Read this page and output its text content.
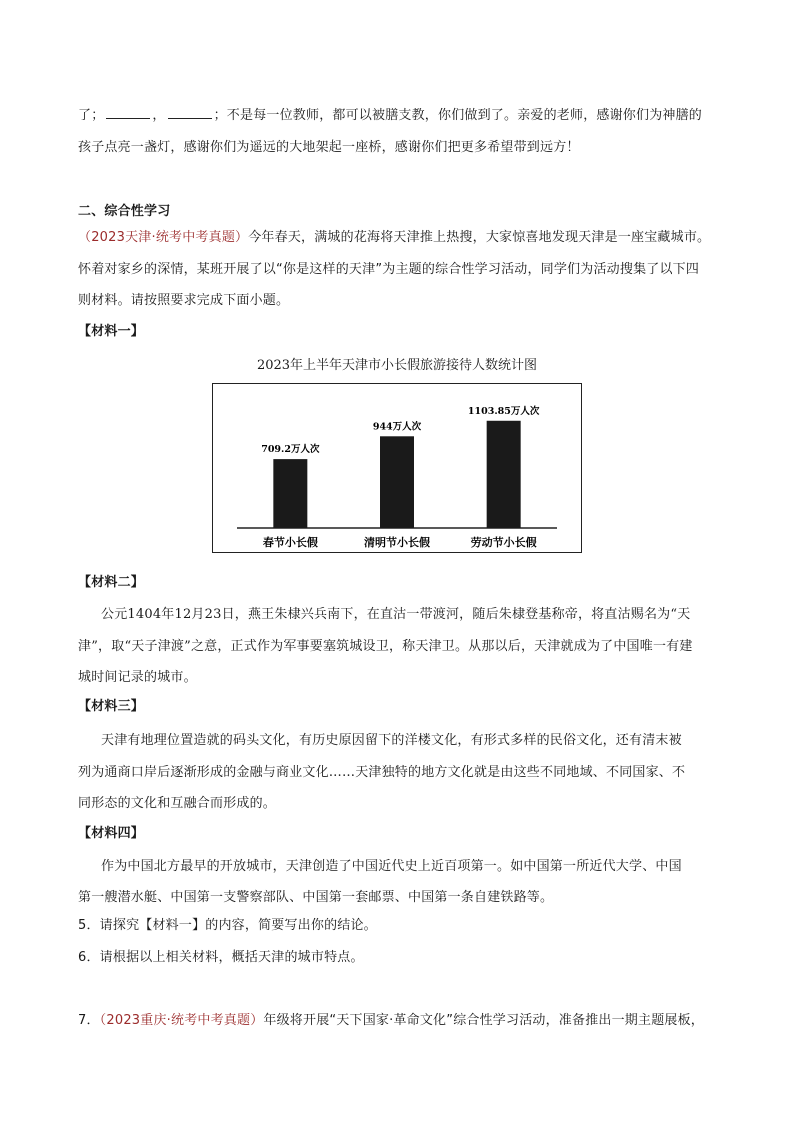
了；	，	；不是每一位教师，都可以被膳支教，你们做到了。亲爱的老师，感谢你们为神膳的
孩子点亮一盏灯，感谢你们为遥远的大地架起一座桥，感谢你们把更多希望带到远方！
二、综合性学习
（2023天津·统考中考真题）今年春天，满城的花海将天津推上热搜，大家惊喜地发现天津是一座宝藏城市。
怀着对家乡的深情，某班开展了以“你是这样的天津”为主题的综合性学习活动，同学们为活动搜集了以下四
则材料。请按照要求完成下面小题。
【材料一】
2023年上半年天津市小长假旅游接待人数统计图
709.2万人次
春节小长假
944万人次
清明节小长假
1103.85万人次
劳动节小长假
【材料二】
公元1404年12月23日，燕王朱棣兴兵南下，在直沽一带渡河，随后朱棣登基称帝，将直沽赐名为“天
津”，取“天子津渡”之意，正式作为军事要塞筑城设卫，称天津卫。从那以后，天津就成为了中国唯一有建
城时间记录的城市。
【材料三】
天津有地理位置造就的码头文化，有历史原因留下的洋楼文化，有形式多样的民俗文化，还有清末被
列为通商口岸后逐渐形成的金融与商业文化……天津独特的地方文化就是由这些不同地域、不同国家、不
同形态的文化和互融合而形成的。
【材料四】
作为中国北方最早的开放城市，天津创造了中国近代史上近百项第一。如中国第一所近代大学、中国
第一艘潜水艇、中国第一支警察部队、中国第一套邮票、中国第一条自建铁路等。
5．请探究【材料一】的内容，简要写出你的结论。
6．请根据以上相关材料，概括天津的城市特点。
7．（2023重庆·统考中考真题）年级将开展“天下国家·革命文化”综合性学习活动，准备推出一期主题展板，
